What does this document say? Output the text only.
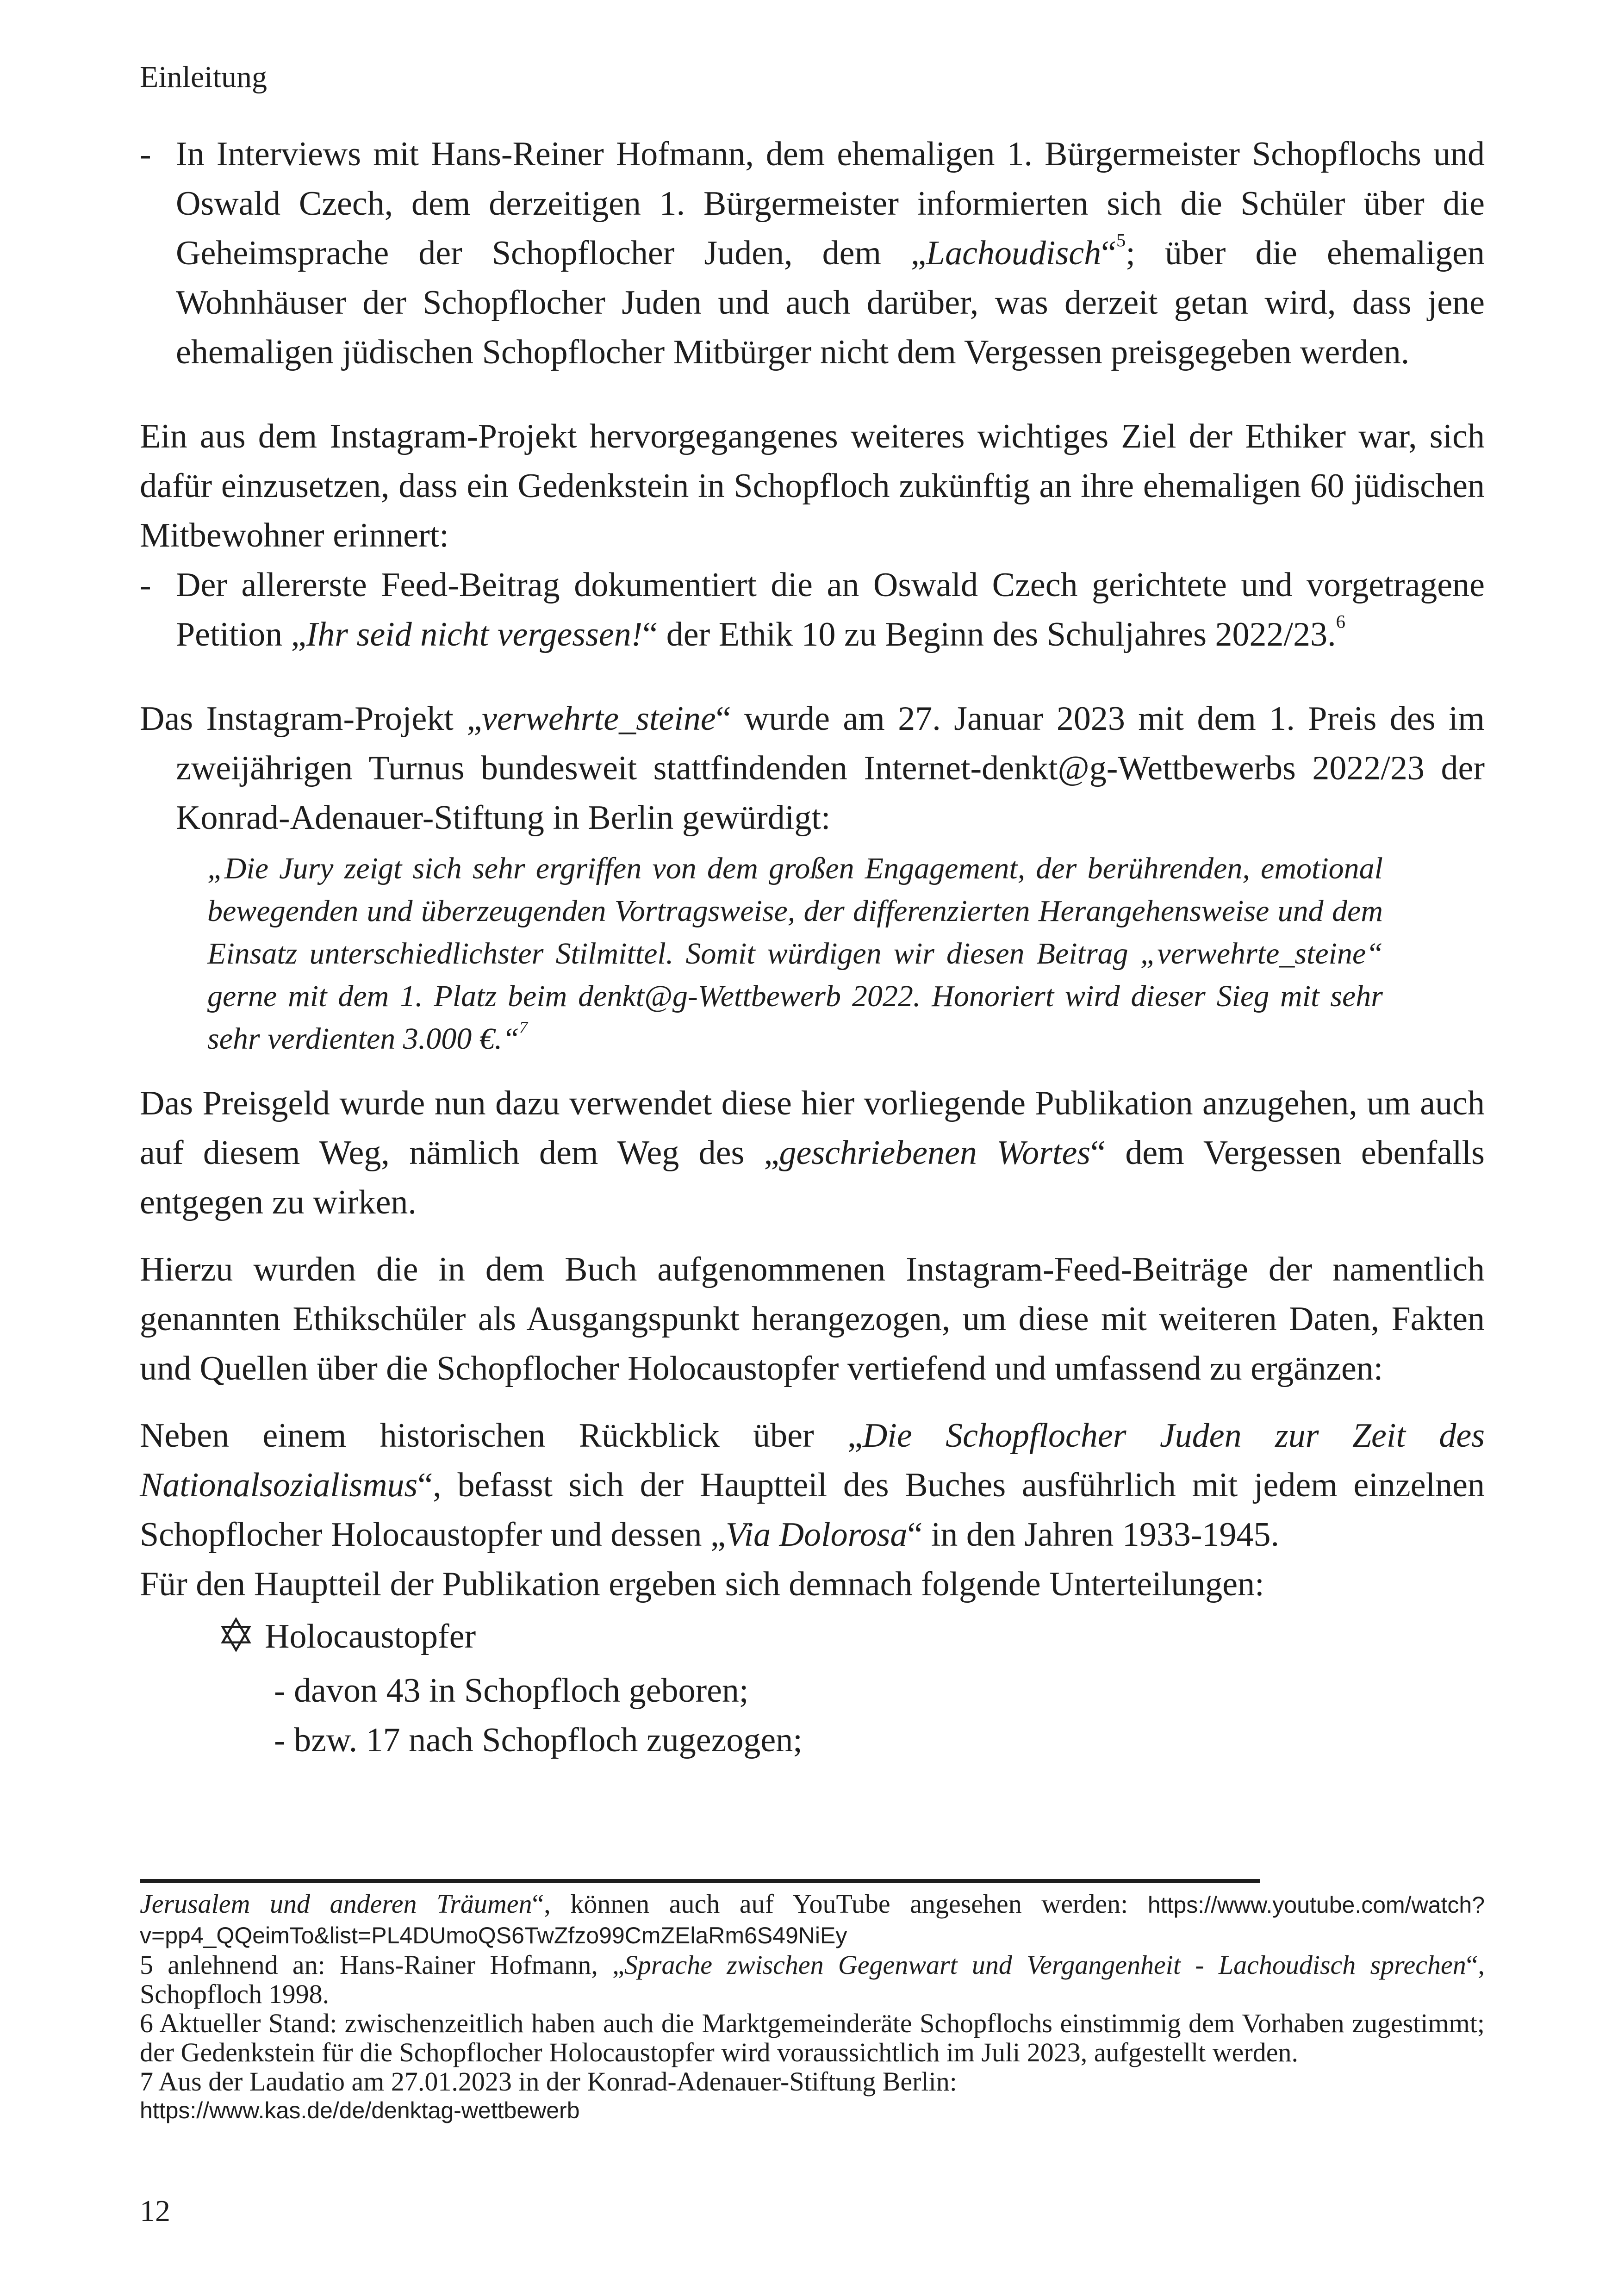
Einleitung

- In Interviews mit Hans-Reiner Hofmann, dem ehemaligen 1. Bürgermeister Schopflochs und Oswald Czech, dem derzeitigen 1. Bürgermeister informierten sich die Schüler über die Geheimsprache der Schopflocher Juden, dem „Lachoudisch“$^5$; über die ehemaligen Wohnhäuser der Schopflocher Juden und auch darüber, was derzeit getan wird, dass jene ehemaligen jüdischen Schopflocher Mitbürger nicht dem Vergessen preisgegeben werden.

Ein aus dem Instagram-Projekt hervorgegangenes weiteres wichtiges Ziel der Ethiker war, sich dafür einzusetzen, dass ein Gedenkstein in Schopfloch zukünftig an ihre ehemaligen 60 jüdischen Mitbewohner erinnert:

- Der allererste Feed-Beitrag dokumentiert die an Oswald Czech gerichtete und vorgetragene Petition „Ihr seid nicht vergessen!“ der Ethik 10 zu Beginn des Schuljahres 2022/23.$^6$

Das Instagram-Projekt „verwehrte_steine“ wurde am 27. Januar 2023 mit dem 1. Preis des im zweijährigen Turnus bundesweit stattfindenden Internet-denkt@g-Wettbewerbs 2022/23 der Konrad-Adenauer-Stiftung in Berlin gewürdigt:

„Die Jury zeigt sich sehr ergriffen von dem großen Engagement, der berührenden, emotional bewegenden und überzeugenden Vortragsweise, der differenzierten Herangehensweise und dem Einsatz unterschiedlichster Stilmittel. Somit würdigen wir diesen Beitrag „verwehrte_steine“ gerne mit dem 1. Platz beim denkt@g-Wettbewerb 2022. Honoriert wird dieser Sieg mit sehr sehr verdienten 3.000 €.“$^7$

Das Preisgeld wurde nun dazu verwendet diese hier vorliegende Publikation anzugehen, um auch auf diesem Weg, nämlich dem Weg des „geschriebenen Wortes“ dem Vergessen ebenfalls entgegen zu wirken.

Hierzu wurden die in dem Buch aufgenommenen Instagram-Feed-Beiträge der namentlich genannten Ethikschüler als Ausgangspunkt herangezogen, um diese mit weiteren Daten, Fakten und Quellen über die Schopflocher Holocaustopfer vertiefend und umfassend zu ergänzen:

Neben einem historischen Rückblick über „Die Schopflocher Juden zur Zeit des Nationalsozialismus“, befasst sich der Hauptteil des Buches ausführlich mit jedem einzelnen Schopflocher Holocaustopfer und dessen „Via Dolorosa“ in den Jahren 1933-1945.

Für den Hauptteil der Publikation ergeben sich demnach folgende Unterteilungen:

Holocaustopfer
- davon 43 in Schopfloch geboren;
- bzw. 17 nach Schopfloch zugezogen;

Jerusalem und anderen Träumen“, können auch auf YouTube angesehen werden: https://www.youtube.com/watch?v=pp4_QQeimTo&list=PL4DUmoQS6TwZfzo99CmZElaRm6S49NiEy

5 anlehnend an: Hans-Rainer Hofmann, „Sprache zwischen Gegenwart und Vergangenheit - Lachoudisch sprechen“, Schopfloch 1998.

6 Aktueller Stand: zwischenzeitlich haben auch die Marktgemeinderäte Schopflochs einstimmig dem Vorhaben zugestimmt; der Gedenkstein für die Schopflocher Holocaustopfer wird voraussichtlich im Juli 2023, aufgestellt werden.

7 Aus der Laudatio am 27.01.2023 in der Konrad-Adenauer-Stiftung Berlin:

https://www.kas.de/de/denktag-wettbewerb

12
